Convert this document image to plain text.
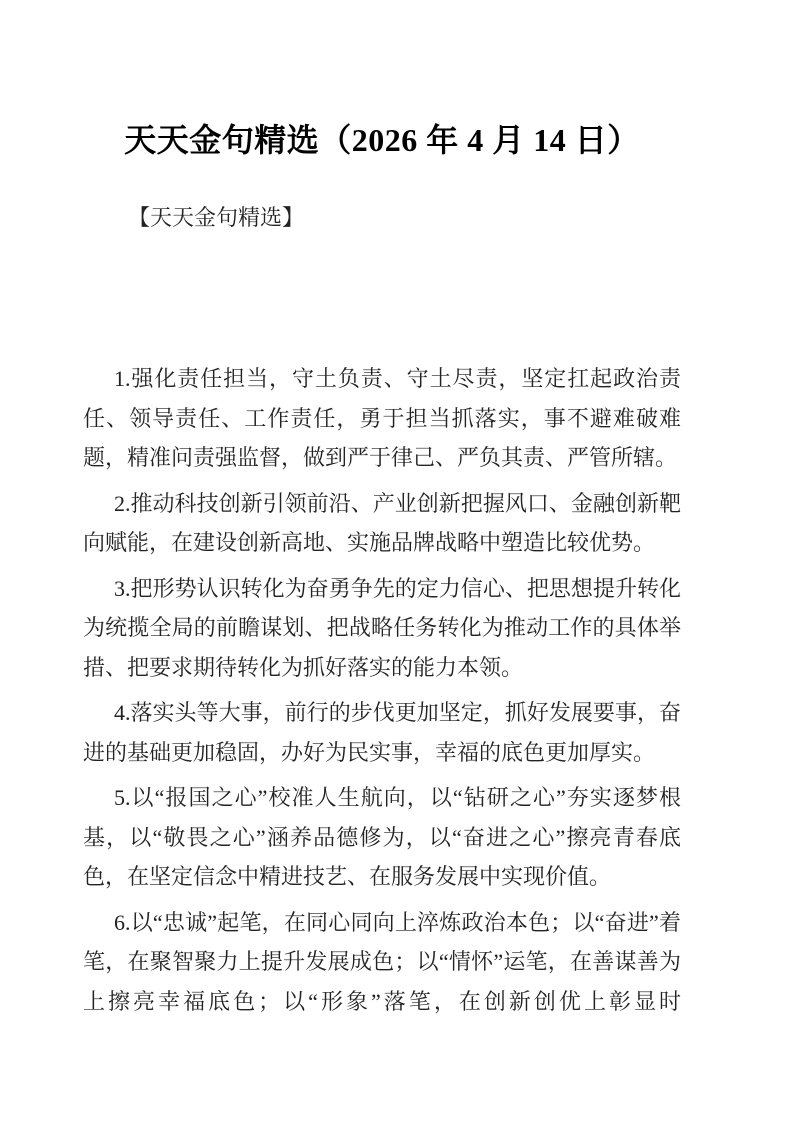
天天金句精选（2026 年 4 月 14 日）
【天天金句精选】

1.强化责任担当，守土负责、守土尽责，坚定扛起政治责任、领导责任、工作责任，勇于担当抓落实，事不避难破难题，精准问责强监督，做到严于律己、严负其责、严管所辖。

2.推动科技创新引领前沿、产业创新把握风口、金融创新靶向赋能，在建设创新高地、实施品牌战略中塑造比较优势。

3.把形势认识转化为奋勇争先的定力信心、把思想提升转化为统揽全局的前瞻谋划、把战略任务转化为推动工作的具体举措、把要求期待转化为抓好落实的能力本领。

4.落实头等大事，前行的步伐更加坚定，抓好发展要事，奋进的基础更加稳固，办好为民实事，幸福的底色更加厚实。

5.以“报国之心”校准人生航向，以“钻研之心”夯实逐梦根基，以“敬畏之心”涵养品德修为，以“奋进之心”擦亮青春底色，在坚定信念中精进技艺、在服务发展中实现价值。

6.以“忠诚”起笔，在同心同向上淬炼政治本色；以“奋进”着笔，在聚智聚力上提升发展成色；以“情怀”运笔，在善谋善为上擦亮幸福底色；以“形象”落笔，在创新创优上彰显时
